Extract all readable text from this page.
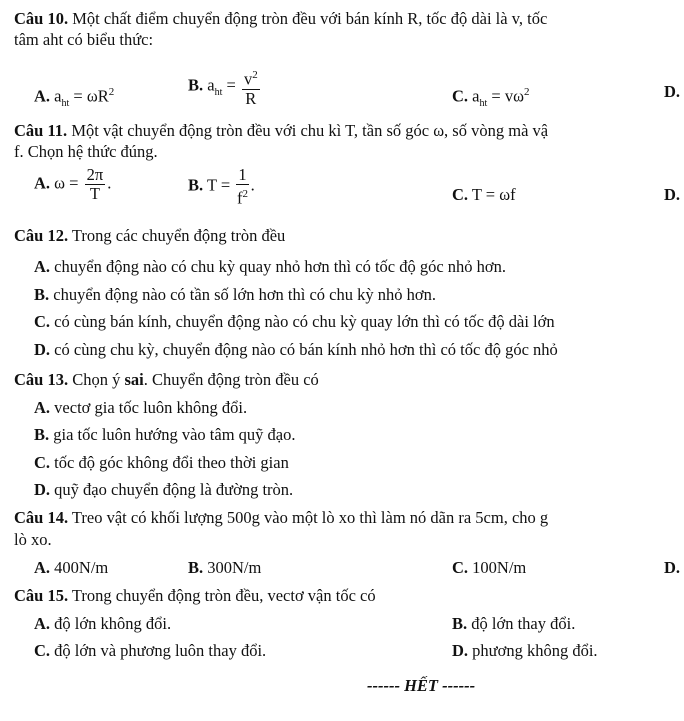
Câu 10. Một chất điểm chuyển động tròn đều với bán kính R, tốc độ dài là v, tốc
tâm aht có biểu thức:
A. $a_{ht} = \omega R^2$	B. $a_{ht} = \frac{v^2}{R}$	C. $a_{ht} = v\omega^2$	D.
Câu 11. Một vật chuyển động tròn đều với chu kì T, tần số góc ω, số vòng mà vậ
f. Chọn hệ thức đúng.
A. $\omega = \frac{2\pi}{T}$ .	B. $T = \frac{1}{f^2}$ .	C. T = ωf	D.
Câu 12. Trong các chuyển động tròn đều
A. chuyển động nào có chu kỳ quay nhỏ hơn thì có tốc độ góc nhỏ hơn.
B. chuyển động nào có tần số lớn hơn thì có chu kỳ nhỏ hơn.
C. có cùng bán kính, chuyển động nào có chu kỳ quay lớn thì có tốc độ dài lớn
D. có cùng chu kỳ, chuyển động nào có bán kính nhỏ hơn thì có tốc độ góc nhỏ
Câu 13. Chọn ý sai. Chuyển động tròn đều có
A. vectơ gia tốc luôn không đổi.
B. gia tốc luôn hướng vào tâm quỹ đạo.
C. tốc độ góc không đổi theo thời gian
D. quỹ đạo chuyển động là đường tròn.
Câu 14. Treo vật có khối lượng 500g vào một lò xo thì làm nó dãn ra 5cm, cho g
lò xo.
A. 400N/m	B. 300N/m	C. 100N/m	D.
Câu 15. Trong chuyển động tròn đều, vectơ vận tốc có
A. độ lớn không đổi.	B. độ lớn thay đổi.
C. độ lớn và phương luôn thay đổi.	D. phương không đổi.
------ HẾT ------
